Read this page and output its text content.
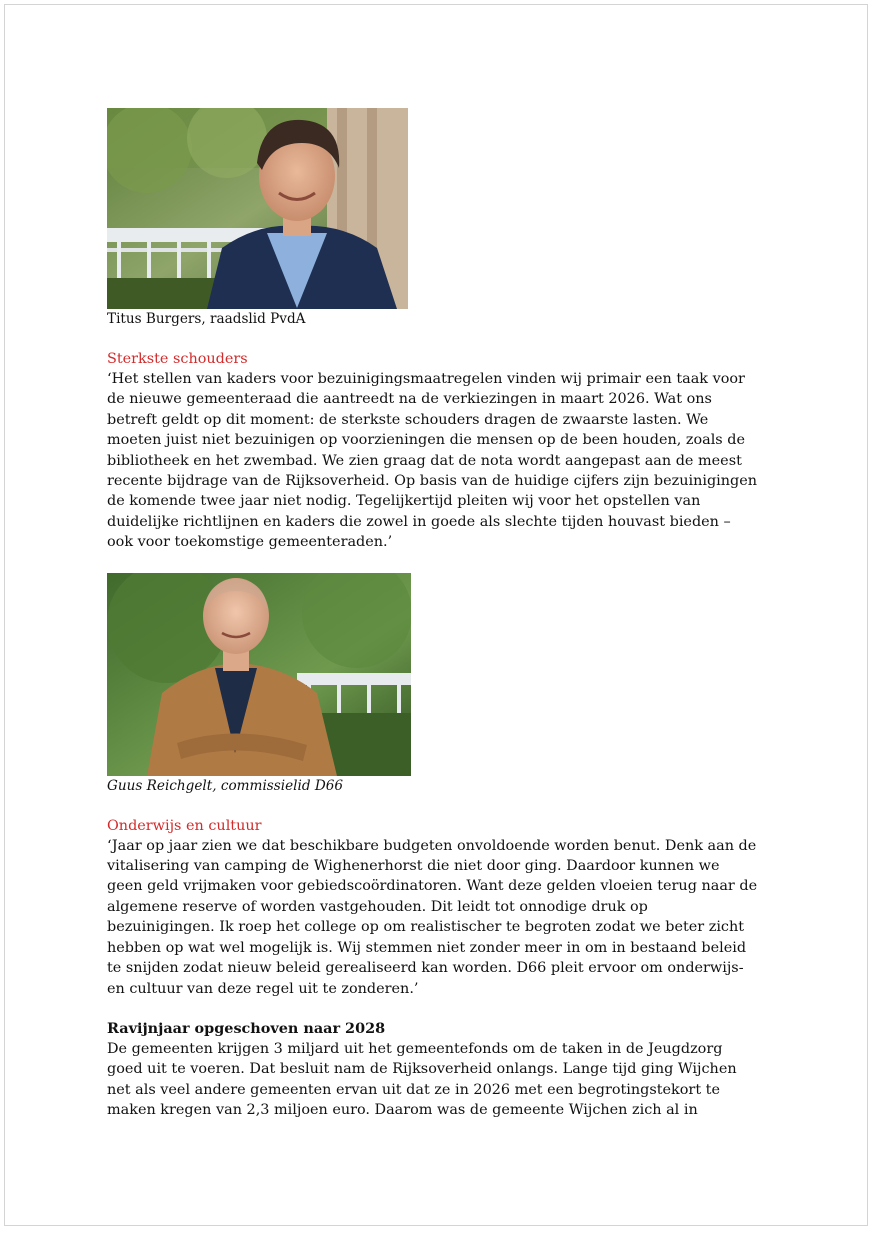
Titus Burgers, raadslid PvdA

Sterkste schouders

‘Het stellen van kaders voor bezuinigingsmaatregelen vinden wij primair een taak voor

de nieuwe gemeenteraad die aantreedt na de verkiezingen in maart 2026. Wat ons

betreft geldt op dit moment: de sterkste schouders dragen de zwaarste lasten. We

moeten juist niet bezuinigen op voorzieningen die mensen op de been houden, zoals de

bibliotheek en het zwembad. We zien graag dat de nota wordt aangepast aan de meest

recente bijdrage van de Rijksoverheid. Op basis van de huidige cijfers zijn bezuinigingen

de komende twee jaar niet nodig. Tegelijkertijd pleiten wij voor het opstellen van

duidelijke richtlijnen en kaders die zowel in goede als slechte tijden houvast bieden –

ook voor toekomstige gemeenteraden.’

Guus Reichgelt, commissielid D66

Onderwijs en cultuur

‘Jaar op jaar zien we dat beschikbare budgeten onvoldoende worden benut. Denk aan de

vitalisering van camping de Wighenerhorst die niet door ging. Daardoor kunnen we

geen geld vrijmaken voor gebiedscoördinatoren. Want deze gelden vloeien terug naar de

algemene reserve of worden vastgehouden. Dit leidt tot onnodige druk op

bezuinigingen. Ik roep het college op om realistischer te begroten zodat we beter zicht

hebben op wat wel mogelijk is. Wij stemmen niet zonder meer in om in bestaand beleid

te snijden zodat nieuw beleid gerealiseerd kan worden. D66 pleit ervoor om onderwijs-

en cultuur van deze regel uit te zonderen.’

Ravijnjaar opgeschoven naar 2028

De gemeenten krijgen 3 miljard uit het gemeentefonds om de taken in de Jeugdzorg

goed uit te voeren. Dat besluit nam de Rijksoverheid onlangs. Lange tijd ging Wijchen

net als veel andere gemeenten ervan uit dat ze in 2026 met een begrotingstekort te

maken kregen van 2,3 miljoen euro. Daarom was de gemeente Wijchen zich al in
